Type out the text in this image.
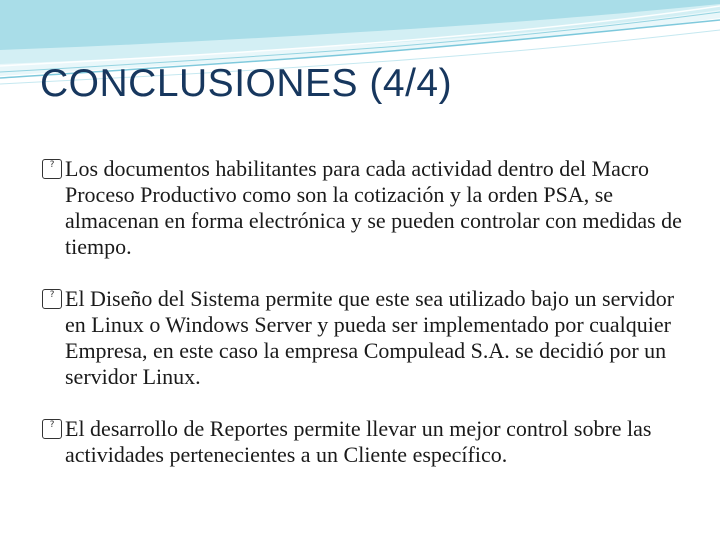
CONCLUSIONES (4/4)
? Los documentos habilitantes para cada actividad dentro del Macro Proceso Productivo como son la cotización y la orden PSA, se almacenan en forma electrónica y se pueden controlar con medidas de tiempo.
? El Diseño del Sistema permite que este sea utilizado bajo un servidor en Linux o Windows Server y pueda ser implementado por cualquier Empresa, en este caso la empresa Compulead S.A. se decidió por un servidor Linux.
? El desarrollo de Reportes permite llevar un mejor control sobre las actividades pertenecientes a un Cliente específico.
